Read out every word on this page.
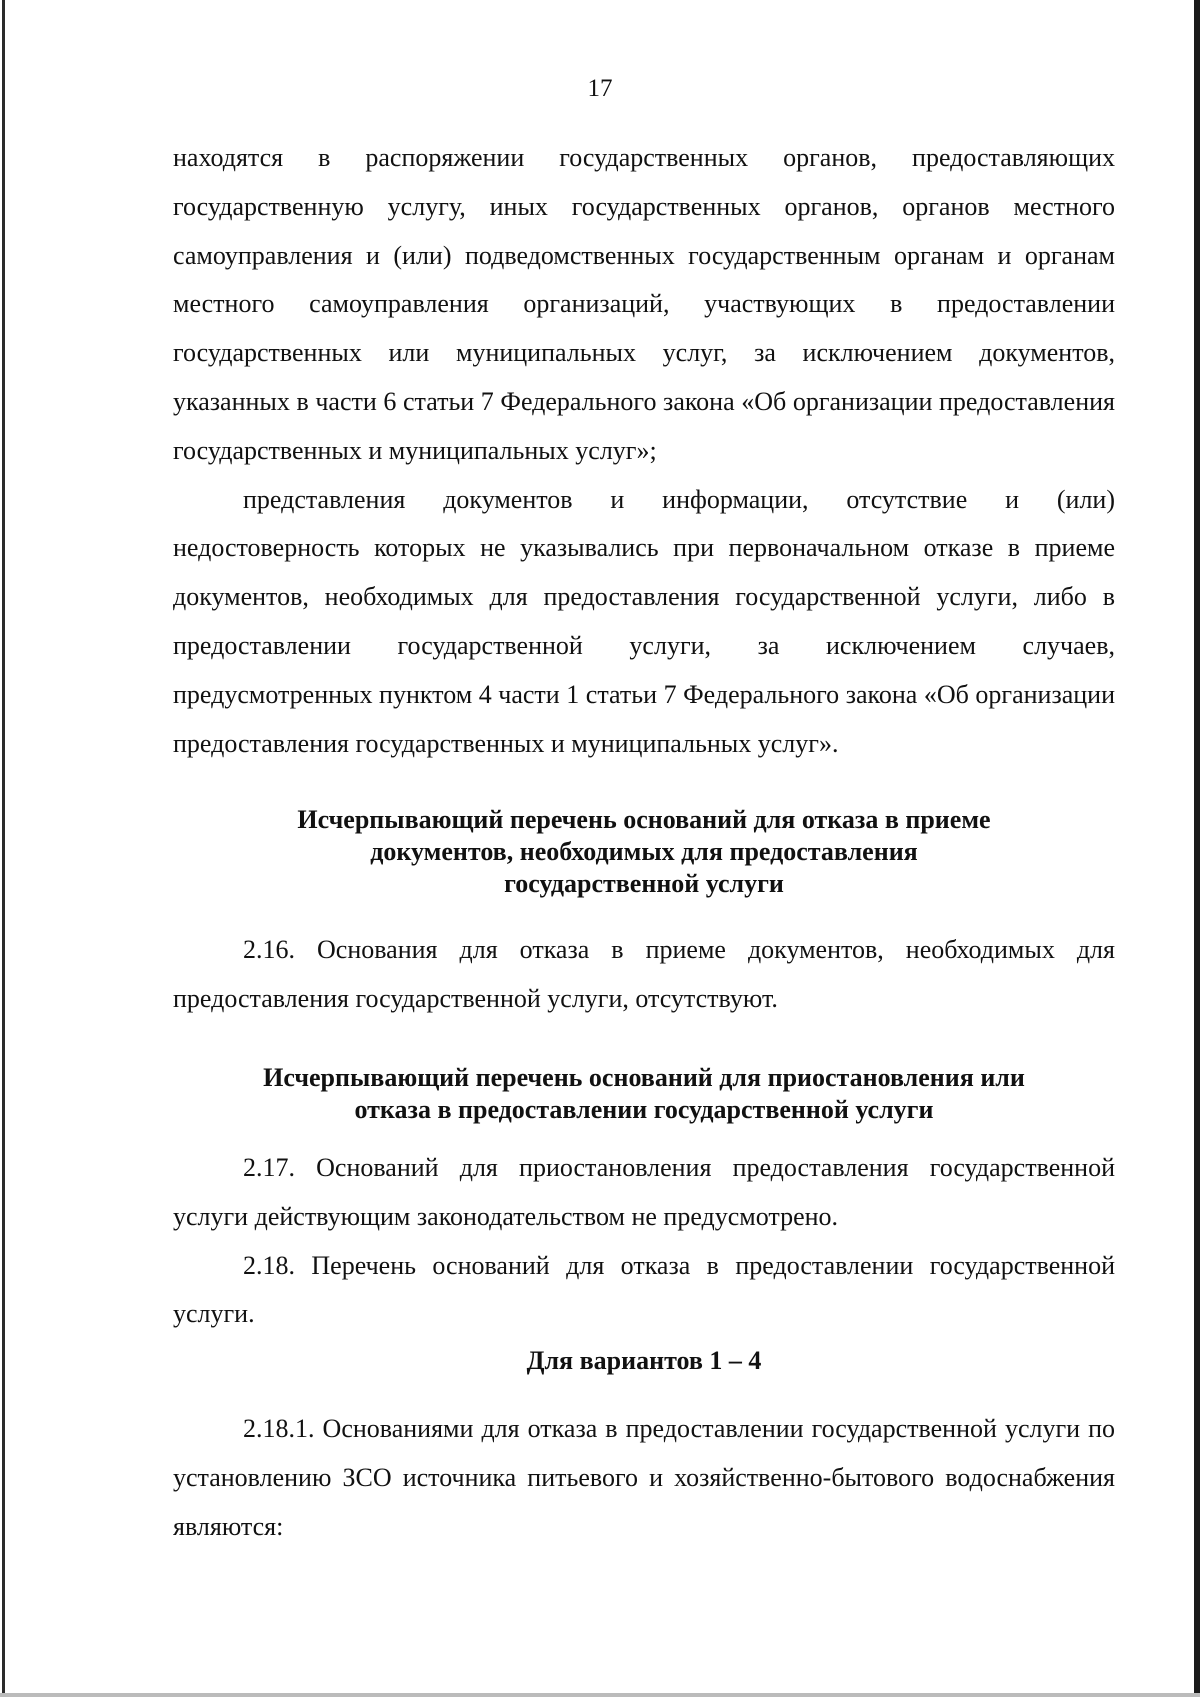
17

находятся в распоряжении государственных органов, предоставляющих государственную услугу, иных государственных органов, органов местного самоуправления и (или) подведомственных государственным органам и органам местного самоуправления организаций, участвующих в предоставлении государственных или муниципальных услуг, за исключением документов, указанных в части 6 статьи 7 Федерального закона «Об организации предоставления государственных и муниципальных услуг»;

представления документов и информации, отсутствие и (или) недостоверность которых не указывались при первоначальном отказе в приеме документов, необходимых для предоставления государственной услуги, либо в предоставлении государственной услуги, за исключением случаев, предусмотренных пунктом 4 части 1 статьи 7 Федерального закона «Об организации предоставления государственных и муниципальных услуг».

Исчерпывающий перечень оснований для отказа в приеме
документов, необходимых для предоставления
государственной услуги

2.16. Основания для отказа в приеме документов, необходимых для предоставления государственной услуги, отсутствуют.

Исчерпывающий перечень оснований для приостановления или
отказа в предоставлении государственной услуги

2.17. Оснований для приостановления предоставления государственной услуги действующим законодательством не предусмотрено.

2.18. Перечень оснований для отказа в предоставлении государственной услуги.

Для вариантов 1 – 4

2.18.1. Основаниями для отказа в предоставлении государственной услуги по установлению ЗСО источника питьевого и хозяйственно-бытового водоснабжения являются:
